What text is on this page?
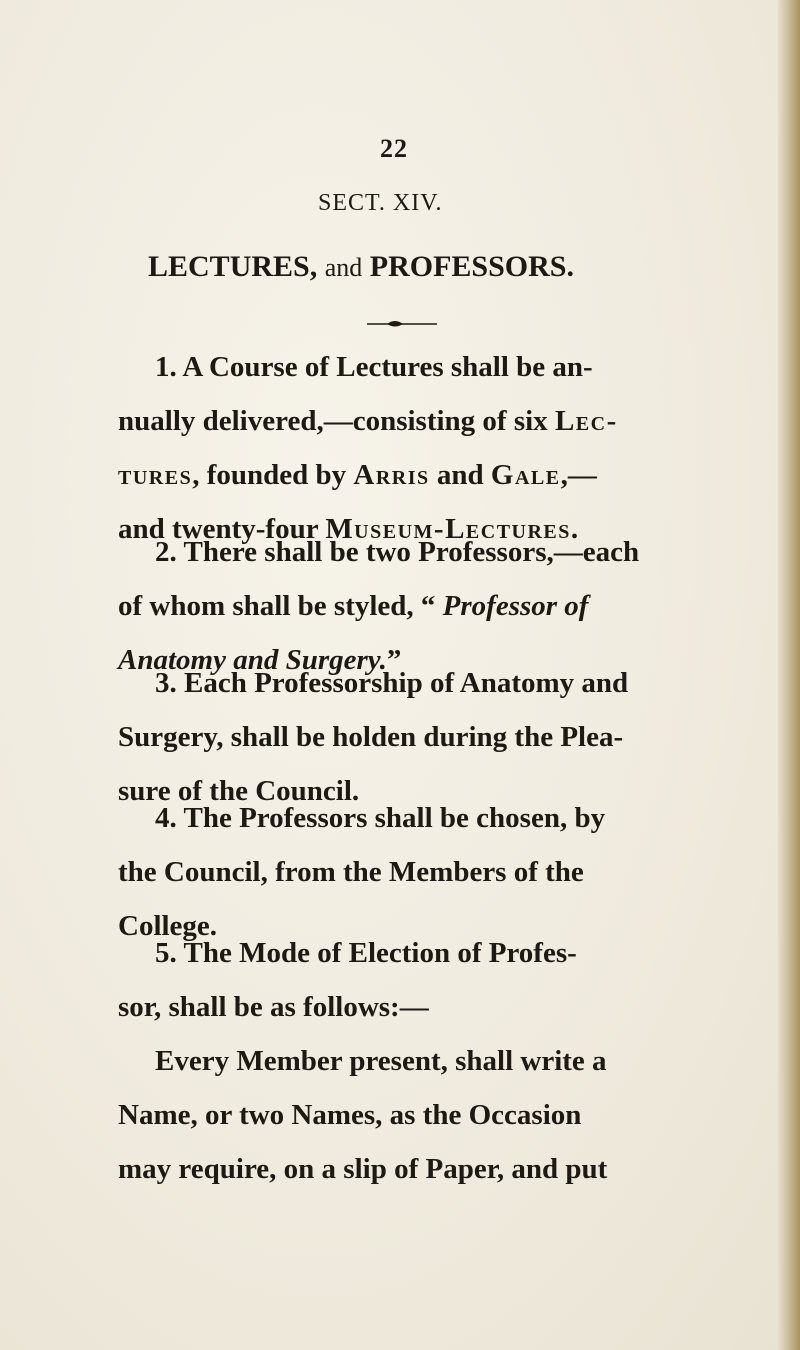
22
SECT. XIV.
LECTURES, and PROFESSORS.
1. A Course of Lectures shall be an-
nually delivered,—consisting of six Lec-
tures, founded by Arris and Gale,—
and twenty-four Museum-Lectures.
2. There shall be two Professors,—each
of whom shall be styled, “ Professor of
Anatomy and Surgery.”
3. Each Professorship of Anatomy and
Surgery, shall be holden during the Plea-
sure of the Council.
4. The Professors shall be chosen, by
the Council, from the Members of the
College.
5. The Mode of Election of Profes-
sor, shall be as follows:—
Every Member present, shall write a
Name, or two Names, as the Occasion
may require, on a slip of Paper, and put
